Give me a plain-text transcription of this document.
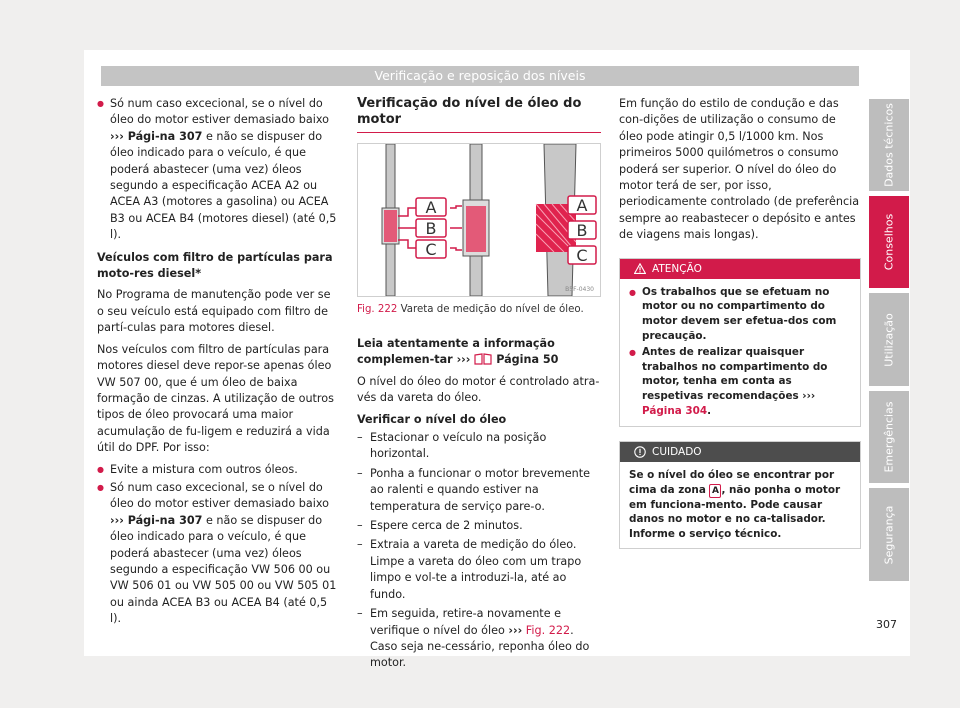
Verificação e reposição dos níveis
● Só num caso excecional, se o nível do óleo do motor estiver demasiado baixo ››› Pági-na 307 e não se dispuser do óleo indicado para o veículo, é que poderá abastecer (uma vez) óleos segundo a especificação ACEA A2 ou ACEA A3 (motores a gasolina) ou ACEA B3 ou ACEA B4 (motores diesel) (até 0,5 l).

Veículos com filtro de partículas para moto-res diesel*

No Programa de manutenção pode ver se o seu veículo está equipado com filtro de partí-culas para motores diesel.

Nos veículos com filtro de partículas para motores diesel deve repor-se apenas óleo VW 507 00, que é um óleo de baixa formação de cinzas. A utilização de outros tipos de óleo provocará uma maior acumulação de fu-ligem e reduzirá a vida útil do DPF. Por isso:

● Evite a mistura com outros óleos.
● Só num caso excecional, se o nível do óleo do motor estiver demasiado baixo ››› Pági-na 307 e não se dispuser do óleo indicado para o veículo, é que poderá abastecer (uma vez) óleos segundo a especificação VW 506 00 ou VW 506 01 ou VW 505 00 ou VW 505 01 ou ainda ACEA B3 ou ACEA B4 (até 0,5 l).
Verificação do nível de óleo do motor
A
B
C
A
B
C
B5F-0430
Fig. 222 Vareta de medição do nível de óleo.

Leia atentamente a informação complemen-tar ›››  Página 50

O nível do óleo do motor é controlado atra-vés da vareta do óleo.

Verificar o nível do óleo

– Estacionar o veículo na posição horizontal.
– Ponha a funcionar o motor brevemente ao ralenti e quando estiver na temperatura de serviço pare-o.
– Espere cerca de 2 minutos.
– Extraia a vareta de medição do óleo. Limpe a vareta do óleo com um trapo limpo e vol-te a introduzi-la, até ao fundo.
– Em seguida, retire-a novamente e verifique o nível do óleo ››› Fig. 222. Caso seja ne-cessário, reponha óleo do motor.

Em função do estilo de condução e das con-dições de utilização o consumo de óleo pode atingir 0,5 l/1000 km. Nos primeiros 5000 quilómetros o consumo poderá ser superior. O nível do óleo do motor terá de ser, por isso, periodicamente controlado (de preferência sempre ao reabastecer o depósito e antes de viagens mais longas).

ATENÇÃO
● Os trabalhos que se efetuam no motor ou no compartimento do motor devem ser efetua-dos com precaução.
● Antes de realizar quaisquer trabalhos no compartimento do motor, tenha em conta as respetivas recomendações ››› Página 304.
CUIDADO
Se o nível do óleo se encontrar por cima da zona A , não ponha o motor em funciona-mento. Pode causar danos no motor e no ca-talisador. Informe o serviço técnico.
Dados técnicos
Conselhos
Utilização
Emergências
Segurança
307
